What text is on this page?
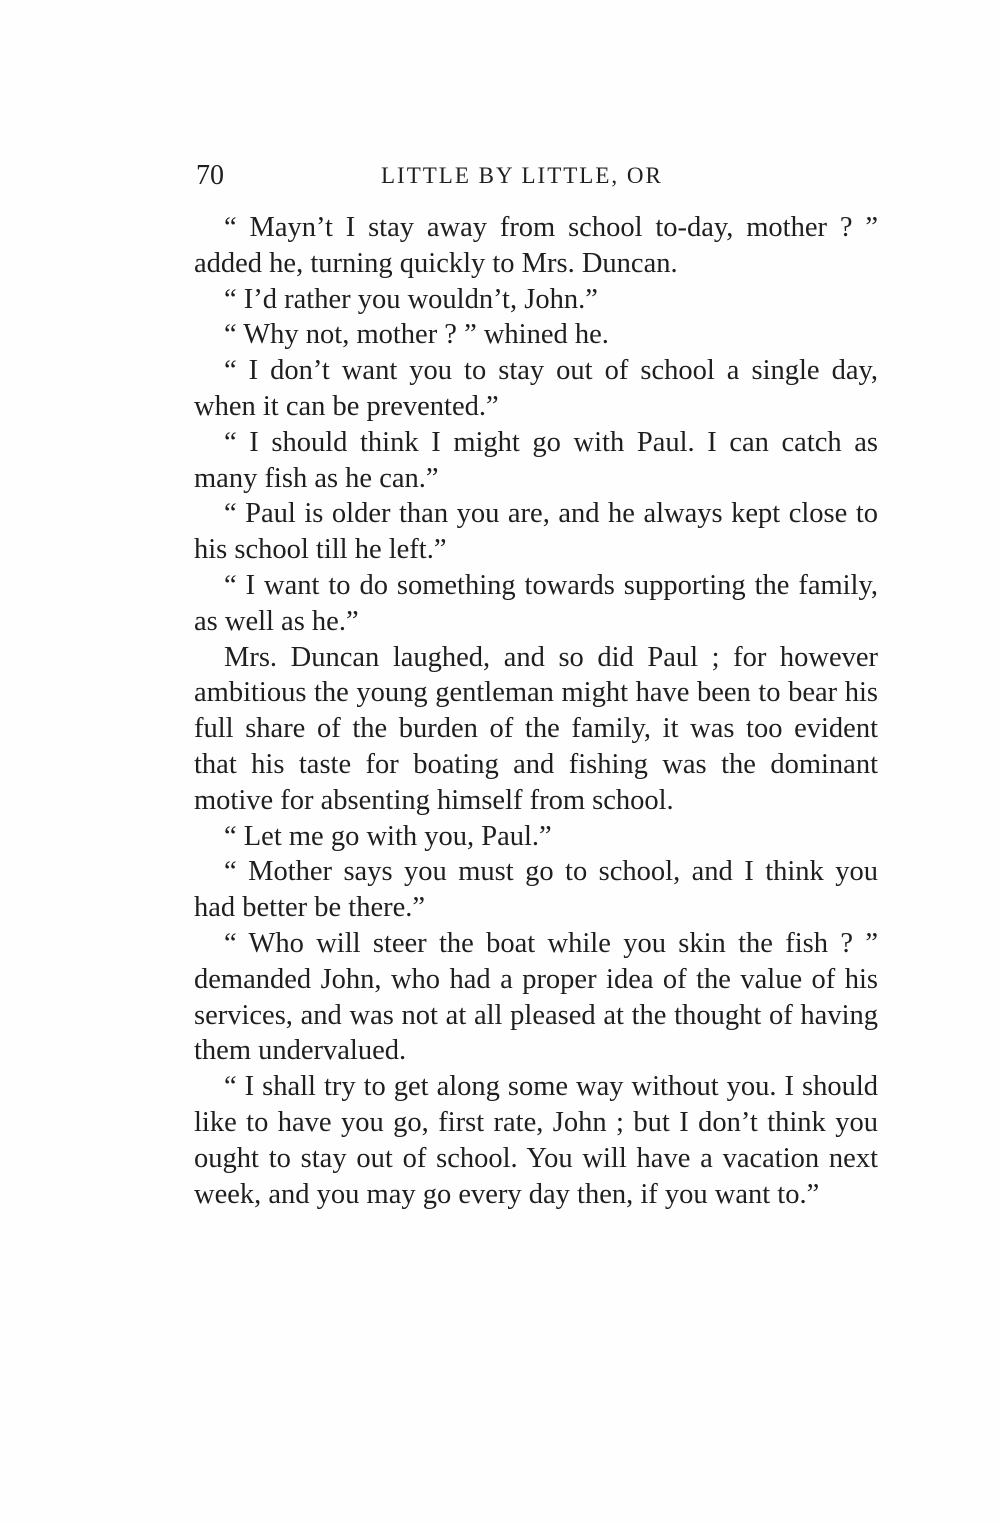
70	LITTLE BY LITTLE, OR

“ Mayn’t I stay away from school to-day, mother ? ” added he, turning quickly to Mrs. Duncan.

“ I’d rather you wouldn’t, John.”

“ Why not, mother ? ” whined he.

“ I don’t want you to stay out of school a single day, when it can be prevented.”

“ I should think I might go with Paul. I can catch as many fish as he can.”

“ Paul is older than you are, and he always kept close to his school till he left.”

“ I want to do something towards supporting the family, as well as he.”

Mrs. Duncan laughed, and so did Paul ; for however ambitious the young gentleman might have been to bear his full share of the burden of the family, it was too evident that his taste for boating and fishing was the dominant motive for absenting himself from school.

“ Let me go with you, Paul.”

“ Mother says you must go to school, and I think you had better be there.”

“ Who will steer the boat while you skin the fish ? ” demanded John, who had a proper idea of the value of his services, and was not at all pleased at the thought of having them undervalued.

“ I shall try to get along some way without you. I should like to have you go, first rate, John ; but I don’t think you ought to stay out of school. You will have a vacation next week, and you may go every day then, if you want to.”
